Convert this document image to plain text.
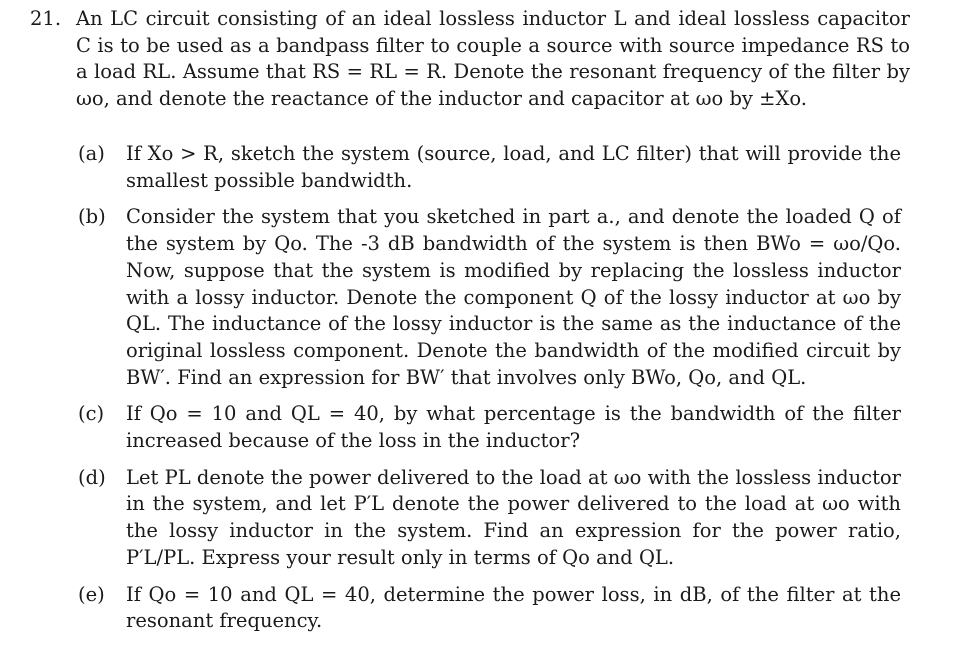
21. An LC circuit consisting of an ideal lossless inductor L and ideal lossless capacitor C is to be used as a bandpass filter to couple a source with source impedance RS to a load RL. Assume that RS = RL = R. Denote the resonant frequency of the filter by ωo, and denote the reactance of the inductor and capacitor at ωo by ±Xo.
(a) If Xo > R, sketch the system (source, load, and LC filter) that will provide the smallest possible bandwidth.
(b) Consider the system that you sketched in part a., and denote the loaded Q of the system by Qo. The -3 dB bandwidth of the system is then BWo = ωo/Qo. Now, suppose that the system is modified by replacing the lossless inductor with a lossy inductor. Denote the component Q of the lossy inductor at ωo by QL. The inductance of the lossy inductor is the same as the inductance of the original lossless component. Denote the bandwidth of the modified circuit by BW′. Find an expression for BW′ that involves only BWo, Qo, and QL.
(c) If Qo = 10 and QL = 40, by what percentage is the bandwidth of the filter increased because of the loss in the inductor?
(d) Let PL denote the power delivered to the load at ωo with the lossless inductor in the system, and let P′L denote the power delivered to the load at ωo with the lossy inductor in the system. Find an expression for the power ratio, P′L/PL. Express your result only in terms of Qo and QL.
(e) If Qo = 10 and QL = 40, determine the power loss, in dB, of the filter at the resonant frequency.
